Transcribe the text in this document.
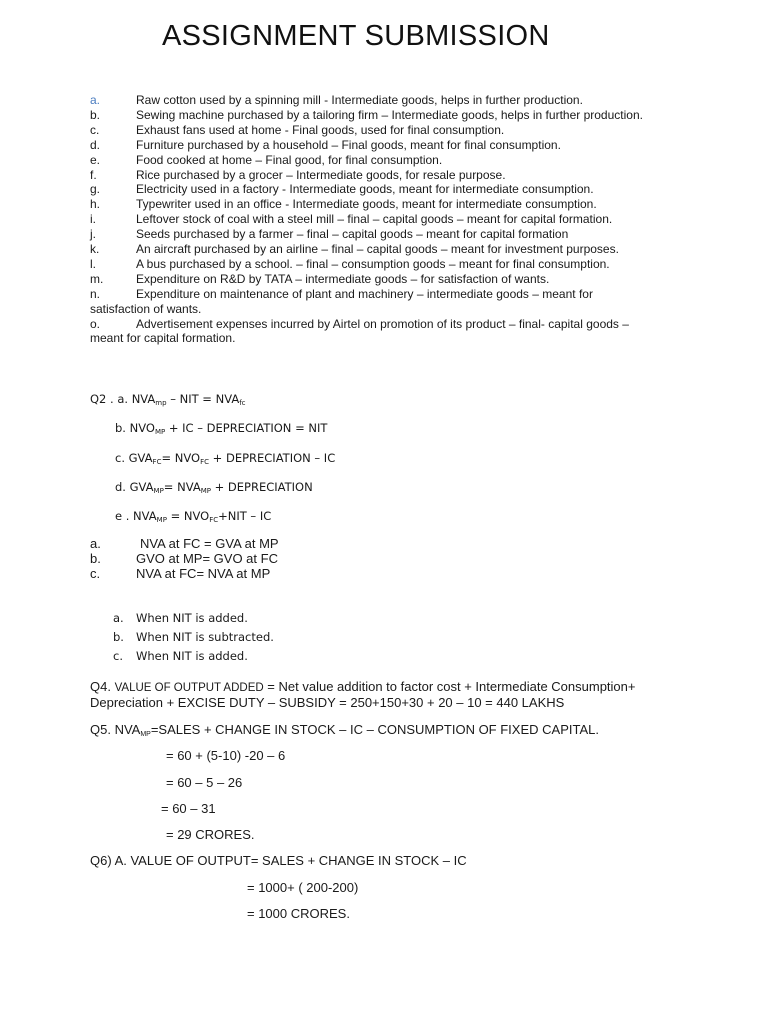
ASSIGNMENT SUBMISSION
a.	Raw cotton used by a spinning mill - Intermediate goods, helps in further production.
b.	Sewing machine purchased by a tailoring firm – Intermediate goods, helps in further production.
c.	Exhaust fans used at home - Final goods, used for final consumption.
d.	Furniture purchased by a household – Final goods, meant for final consumption.
e.	Food cooked at home – Final good, for final consumption.
f.	Rice purchased by a grocer – Intermediate goods, for resale purpose.
g.	Electricity used in a factory - Intermediate goods, meant for intermediate consumption.
h.	Typewriter used in an office - Intermediate goods, meant for intermediate consumption.
i.	Leftover stock of coal with a steel mill – final – capital goods – meant for capital formation.
j.	Seeds purchased by a farmer – final – capital goods – meant for capital formation
k.	An aircraft purchased by an airline – final – capital goods – meant for investment purposes.
l.	A bus purchased by a school. – final – consumption goods – meant for final consumption.
m.	Expenditure on R&D by TATA – intermediate goods – for satisfaction of wants.
n.	Expenditure on maintenance of plant and machinery – intermediate goods – meant for
satisfaction of wants.
o.	Advertisement expenses incurred by Airtel on promotion of its product – final- capital goods –
meant for capital formation.
Q2 . a. $NVA_{mp}$ – NIT = $NVA_{fc}$
b. $NVO_{MP}$ + IC – DEPRECIATION = NIT
c. $GVA_{FC}= NVO_{FC}$ + DEPRECIATION – IC
d. $GVA_{MP}= NVA_{MP}$ + DEPRECIATION
e . $NVA_{MP} = NVO_{FC}+NIT$ – IC
a.	NVA at FC = GVA at MP
b.	GVO at MP= GVO at FC
c.	NVA at FC= NVA at MP
a. When NIT is added.
b. When NIT is subtracted.
c. When NIT is added.
Q4. VALUE OF OUTPUT ADDED = Net value addition to factor cost + Intermediate Consumption+
Depreciation + EXCISE DUTY – SUBSIDY = 250+150+30 + 20 – 10 = 440 LAKHS
Q5. $NVA_{MP}=SALES$ + CHANGE IN STOCK – IC – CONSUMPTION OF FIXED CAPITAL.
= 60 + (5-10) -20 – 6
= 60 – 5 – 26
= 60 – 31
= 29 CRORES.
Q6) A. VALUE OF OUTPUT= SALES + CHANGE IN STOCK – IC
= 1000+ ( 200-200)
= 1000 CRORES.
